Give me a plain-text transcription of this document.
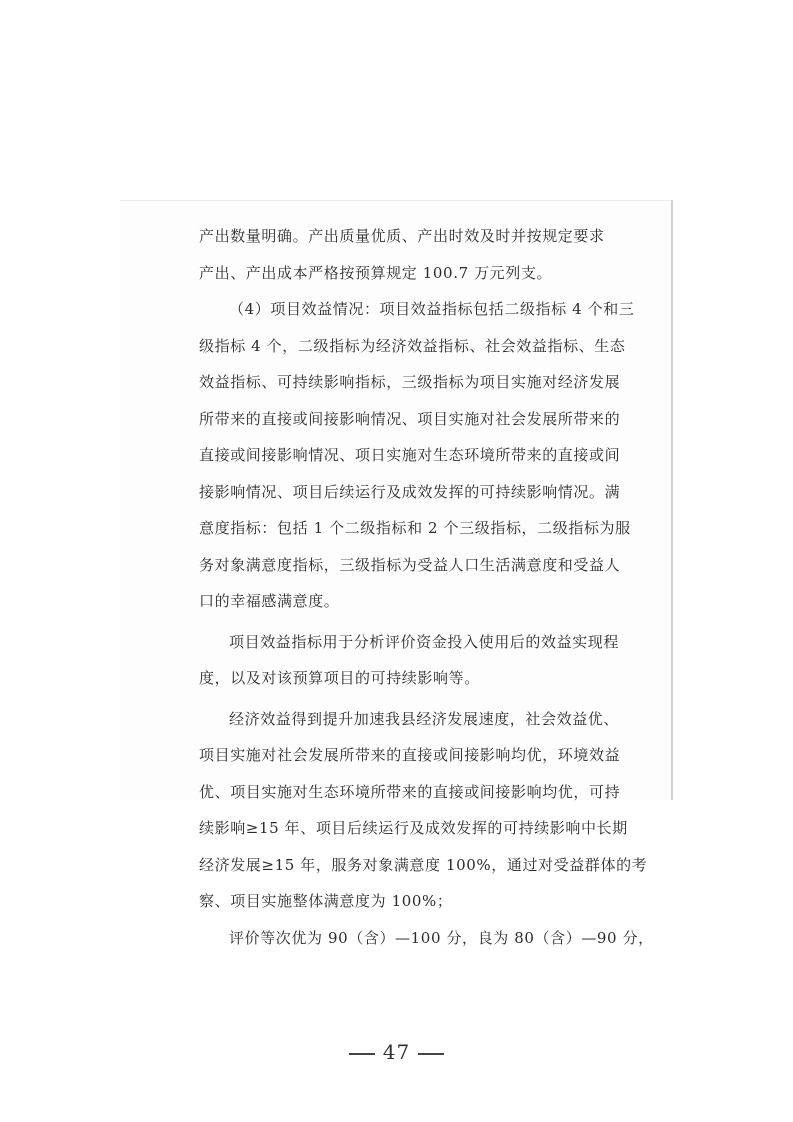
产出数量明确。产出质量优质、产出时效及时并按规定要求
产出、产出成本严格按预算规定 100.7 万元列支。
（4）项目效益情况：项目效益指标包括二级指标 4 个和三
级指标 4 个，二级指标为经济效益指标、社会效益指标、生态
效益指标、可持续影响指标，三级指标为项目实施对经济发展
所带来的直接或间接影响情况、项目实施对社会发展所带来的
直接或间接影响情况、项日实施对生态环境所带来的直接或间
接影响情况、项目后续运行及成效发挥的可持续影响情况。满
意度指标：包括 1 个二级指标和 2 个三级指标，二级指标为服
务对象满意度指标，三级指标为受益人口生活满意度和受益人
口的幸福感满意度。
项目效益指标用于分析评价资金投入使用后的效益实现程
度，以及对该预算项目的可持续影响等。
经济效益得到提升加速我县经济发展速度，社会效益优、
项目实施对社会发展所带来的直接或间接影响均优，环境效益
优、项目实施对生态环境所带来的直接或间接影响均优，可持
续影响≥15 年、项目后续运行及成效发挥的可持续影响中长期
经济发展≥15 年，服务对象满意度 100%，通过对受益群体的考
察、项目实施整体满意度为 100%；
评价等次优为 90（含）—100 分，良为 80（含）—90 分，
47
